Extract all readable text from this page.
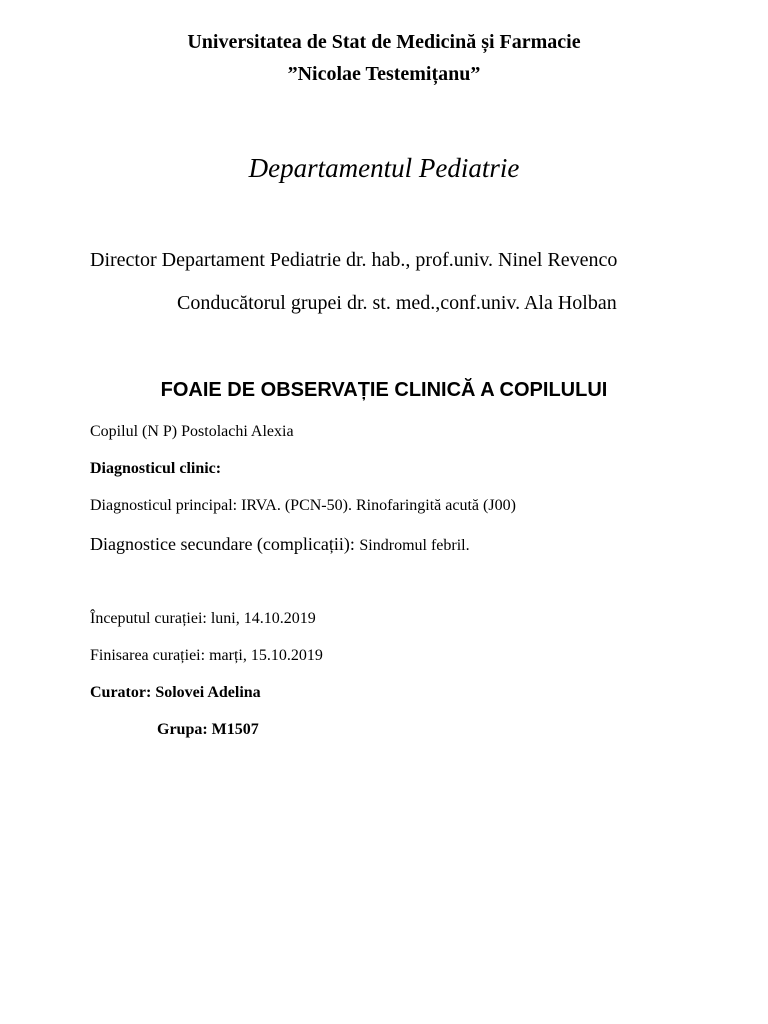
Universitatea de Stat de Medicină și Farmacie

”Nicolae Testemițanu”

Departamentul Pediatrie

Director Departament Pediatrie dr. hab., prof.univ. Ninel Revenco

Conducătorul grupei dr. st. med.,conf.univ. Ala Holban

FOAIE DE OBSERVAȚIE CLINICĂ A COPILULUI

Copilul (N P) Postolachi Alexia

Diagnosticul clinic:

Diagnosticul principal: IRVA. (PCN-50). Rinofaringită acută (J00)

Diagnostice secundare (complicații): Sindromul febril.

Începutul curației: luni, 14.10.2019

Finisarea curației: marți, 15.10.2019

Curator: Solovei Adelina

Grupa: M1507
